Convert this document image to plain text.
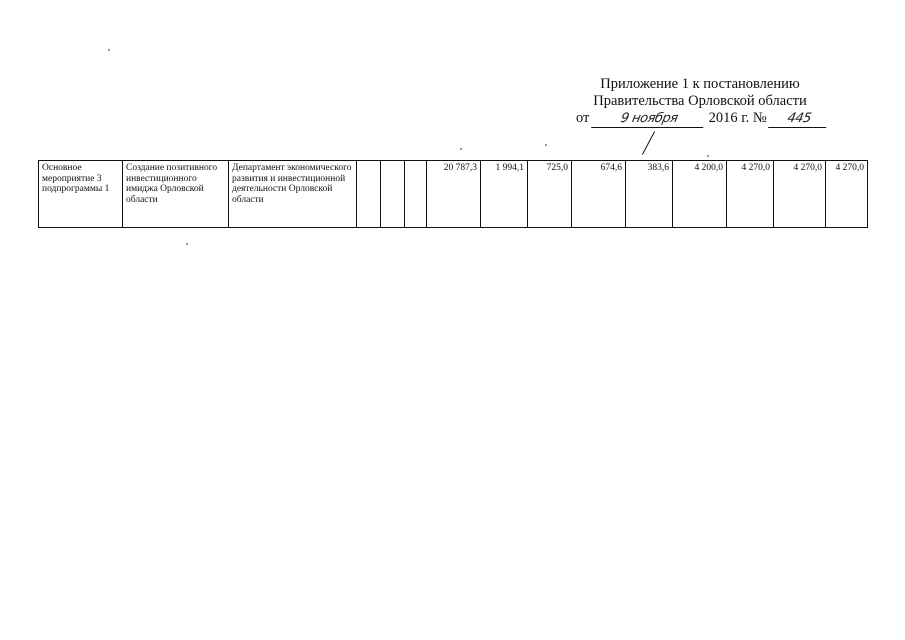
Приложение 1 к постановлению
Правительства Орловской области
от 9 ноября 2016 г. № 445
Основное мероприятие 3 подпрограммы 1	Создание позитивного инвестиционного имиджа Орловской области	Департамент экономического развития и инвестиционной деятельности Орловской области				20 787,3	1 994,1	725,0	674,6	383,6	4 200,0	4 270,0	4 270,0	4 270,0
